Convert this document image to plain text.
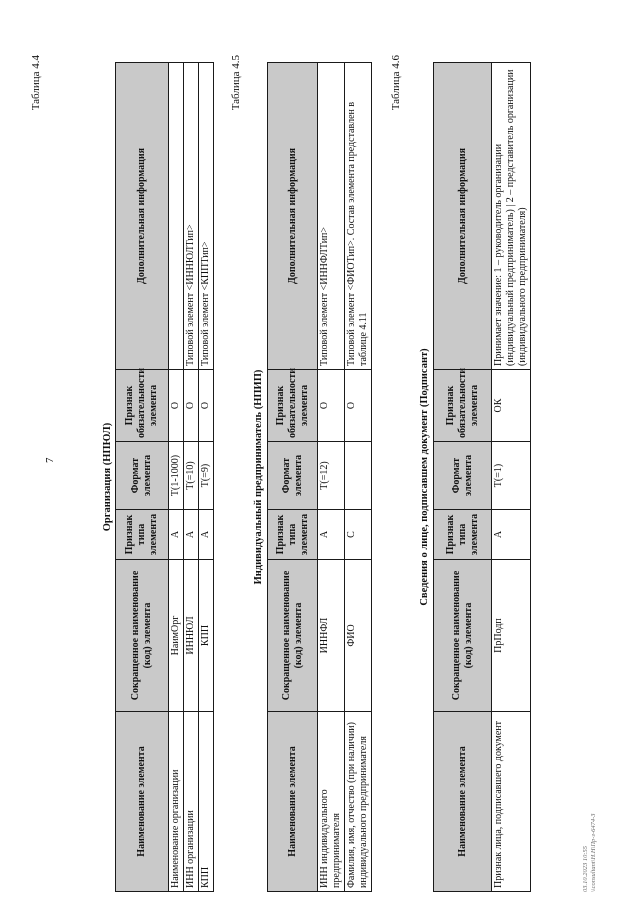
7
Таблица 4.4
Организация (НПЮЛ)
Наименование элемента	Сокращенное наименование (код) элемента	Признак типа элемента	Формат элемента	Признак обязательности элемента	Дополнительная информация
Наименование организации	НаимОрг	А	T(1-1000)	О	
ИНН организации	ИННЮЛ	А	T(=10)	О	Типовой элемент <ИННЮЛТип>
КПП	КПП	А	T(=9)	О	Типовой элемент <КППТип>
Таблица 4.5
Индивидуальный предприниматель (НПИП)
Наименование элемента	Сокращенное наименование (код) элемента	Признак типа элемента	Формат элемента	Признак обязательности элемента	Дополнительная информация
ИНН индивидуального предпринимателя	ИННФЛ	А	T(=12)	О	Типовой элемент <ИННФЛТип>
Фамилия, имя, отчество (при наличии) индивидуального предпринимателя	ФИО	С		О	Типовой элемент <ФИОТип>. Состав элемента представлен в таблице 4.11
Таблица 4.6
Сведения о лице, подписавшем документ (Подписант)
Наименование элемента	Сокращенное наименование (код) элемента	Признак типа элемента	Формат элемента	Признак обязательности элемента	Дополнительная информация
Признак лица, подписавшего документ	ПрПодп	А	T(=1)	ОК	Принимает значение: 1 – руководитель организации (индивидуальный предприниматель) | 2 – представитель организации (индивидуального предпринимателя)
03.10.2023 10:55 \\consultant\Н.Н\Пр-з-6474-3
